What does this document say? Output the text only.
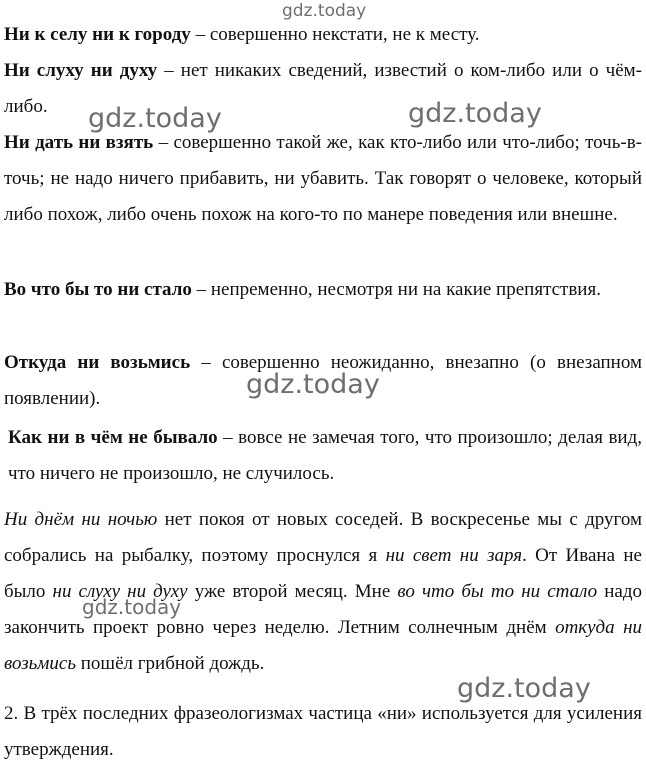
Ни к селу ни к городу – совершенно некстати, не к месту.
Ни слуху ни духу – нет никаких сведений, известий о ком-либо или о чём-либо.
Ни дать ни взять – совершенно такой же, как кто-либо или что-либо; точь-в-точь; не надо ничего прибавить, ни убавить. Так говорят о человеке, который либо похож, либо очень похож на кого-то по манере поведения или внешне.
Во что бы то ни стало – непременно, несмотря ни на какие препятствия.
Откуда ни возьмись – совершенно неожиданно, внезапно (о внезапном появлении).
Как ни в чём не бывало – вовсе не замечая того, что произошло; делая вид, что ничего не произошло, не случилось.
Ни днём ни ночью нет покоя от новых соседей. В воскресенье мы с другом собрались на рыбалку, поэтому проснулся я ни свет ни заря. От Ивана не было ни слуху ни духу уже второй месяц. Мне во что бы то ни стало надо закончить проект ровно через неделю. Летним солнечным днём откуда ни возьмись пошёл грибной дождь.
2. В трёх последних фразеологизмах частица «ни» используется для усиления утверждения.
gdz.today
gdz.today	gdz.today
gdz.today
gdz.today
gdz.today
